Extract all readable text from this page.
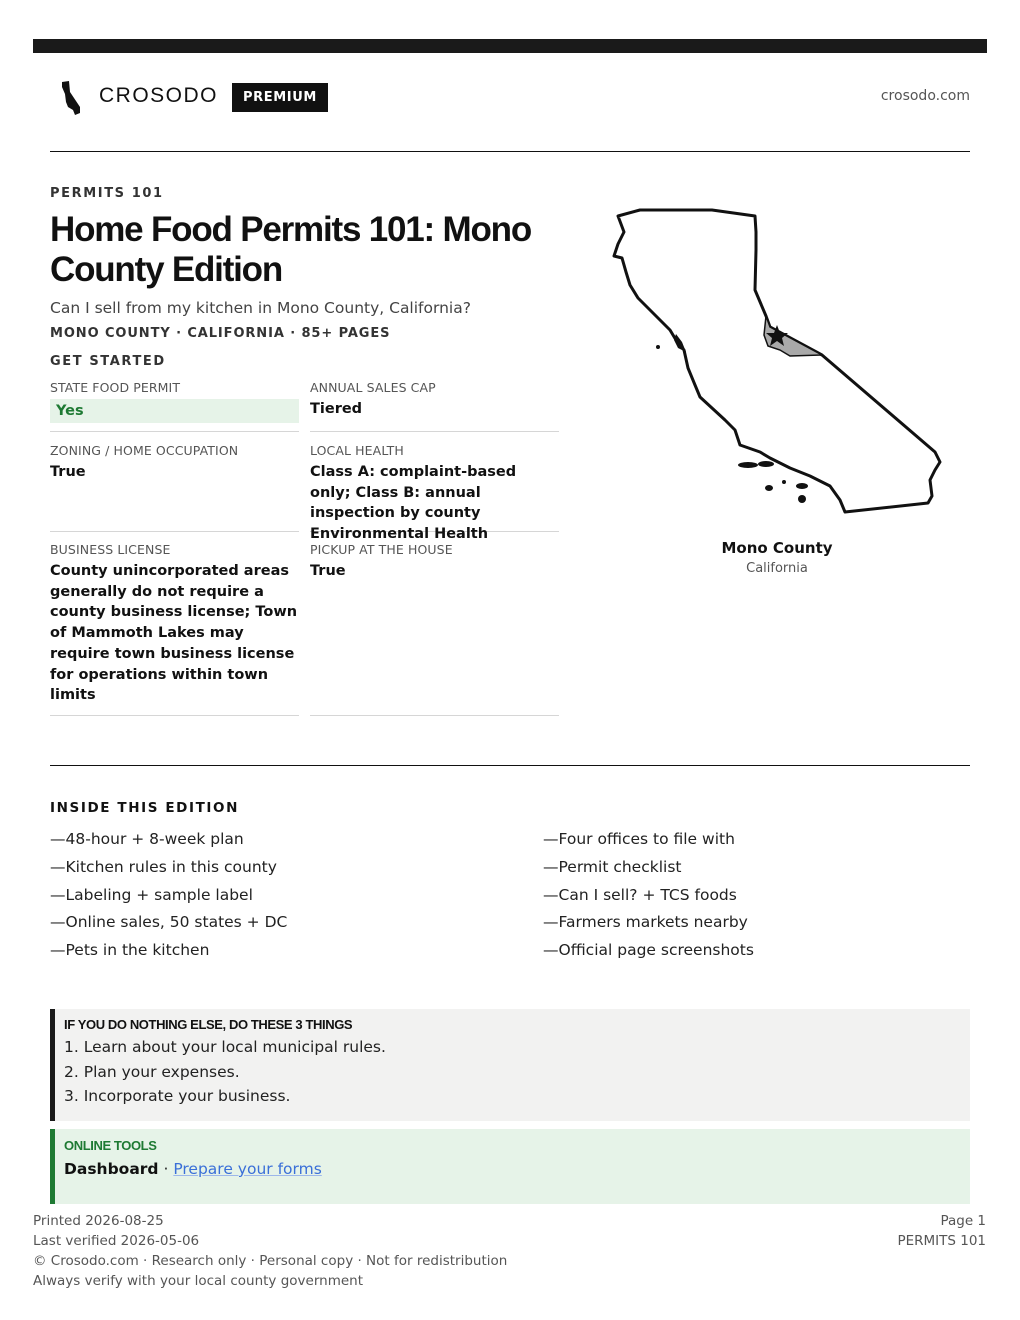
CROSODO	PREMIUM	crosodo.com
PERMITS 101
Home Food Permits 101: Mono County Edition
Can I sell from my kitchen in Mono County, California?
MONO COUNTY · CALIFORNIA · 85+ PAGES
GET STARTED
STATE FOOD PERMIT
Yes
ANNUAL SALES CAP
Tiered
ZONING / HOME OCCUPATION
True
LOCAL HEALTH
Class A: complaint-based only; Class B: annual inspection by county Environmental Health
BUSINESS LICENSE
County unincorporated areas generally do not require a county business license; Town of Mammoth Lakes may require town business license for operations within town limits
PICKUP AT THE HOUSE
True
Mono County
California
INSIDE THIS EDITION
—48-hour + 8-week plan
—Kitchen rules in this county
—Labeling + sample label
—Online sales, 50 states + DC
—Pets in the kitchen
—Four offices to file with
—Permit checklist
—Can I sell? + TCS foods
—Farmers markets nearby
—Official page screenshots
IF YOU DO NOTHING ELSE, DO THESE 3 THINGS
1. Learn about your local municipal rules.
2. Plan your expenses.
3. Incorporate your business.
ONLINE TOOLS
Dashboard · Prepare your forms
Printed 2026-08-25
Last verified 2026-05-06
© Crosodo.com · Research only · Personal copy · Not for redistribution
Always verify with your local county government
Page 1
PERMITS 101
